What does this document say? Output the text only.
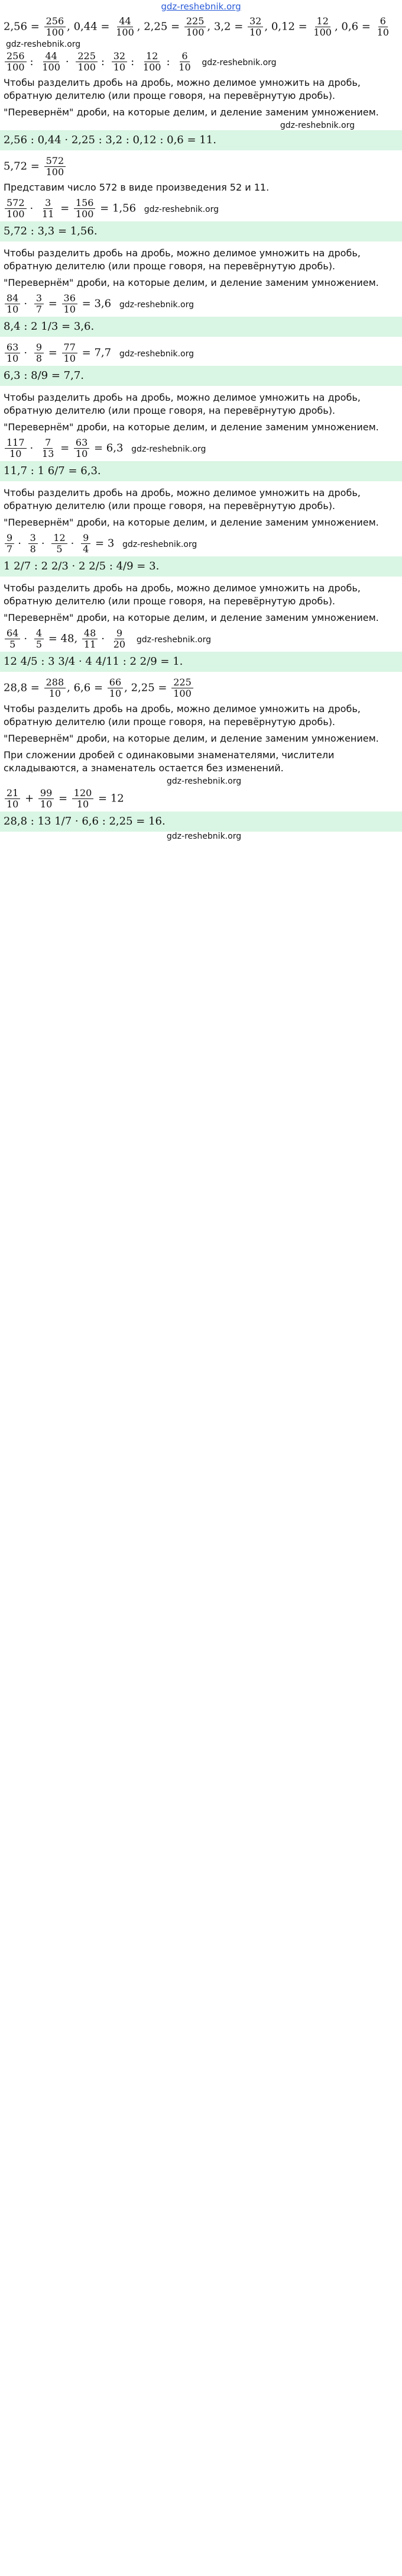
gdz-reshebnik.org
$2,56 = \frac{256}{100}$ , $0,44 = \frac{44}{100}$ , $2,25 = \frac{225}{100}$ , $3,2 = \frac{32}{10}$ , $0,12 = \frac{12}{100}$ , $0,6 = \frac{6}{10}$
gdz-reshebnik.org
$\frac{256}{100}$ : $\frac{44}{100} \cdot \frac{225}{100}$ : $\frac{32}{10}$ : $\frac{12}{100}$ : $\frac{6}{10}$ gdz-reshebnik.org
Чтобы разделить дробь на дробь, можно делимое умножить на дробь, обратную делителю (или проще говоря, на перевёрнутую дробь).
"Перевернём" дроби, на которые делим, и деление заменим умножением.
gdz-reshebnik.org
2,56 : 0,44 · 2,25 : 3,2 : 0,12 : 0,6 = 11.
$5,72 = \frac{572}{100}$
Представим число 572 в виде произведения 52 и 11.
$\frac{572}{100} \cdot \frac{3}{11} = \frac{156}{100} = 1,56$ gdz-reshebnik.org
5,72 : 3,3 = 1,56.
Чтобы разделить дробь на дробь, можно делимое умножить на дробь, обратную делителю (или проще говоря, на перевёрнутую дробь).
"Перевернём" дроби, на которые делим, и деление заменим умножением.
$\frac{84}{10} \cdot \frac{3}{7} = \frac{36}{10} = 3,6$ gdz-reshebnik.org
8,4 : 2 1/3 = 3,6.
$\frac{63}{10} \cdot \frac{9}{8} = \frac{77}{10} = 7,7$ gdz-reshebnik.org
6,3 : 8/9 = 7,7.
Чтобы разделить дробь на дробь, можно делимое умножить на дробь, обратную делителю (или проще говоря, на перевёрнутую дробь).
"Перевернём" дроби, на которые делим, и деление заменим умножением.
$\frac{117}{10} \cdot \frac{7}{13} = \frac{63}{10} = 6,3$ gdz-reshebnik.org
11,7 : 1 6/7 = 6,3.
Чтобы разделить дробь на дробь, можно делимое умножить на дробь, обратную делителю (или проще говоря, на перевёрнутую дробь).
"Перевернём" дроби, на которые делим, и деление заменим умножением.
$\frac{9}{7} \cdot \frac{3}{8} \cdot \frac{12}{5} \cdot \frac{9}{4} = 3$ gdz-reshebnik.org
1 2/7 : 2 2/3 · 2 2/5 : 4/9 = 3.
Чтобы разделить дробь на дробь, можно делимое умножить на дробь, обратную делителю (или проще говоря, на перевёрнутую дробь).
"Перевернём" дроби, на которые делим, и деление заменим умножением.
$\frac{64}{5} \cdot \frac{4}{5} = 48$, $\frac{48}{11} \cdot \frac{9}{20}$ gdz-reshebnik.org
12 4/5 : 3 3/4 · 4 4/11 : 2 2/9 = 1.
$28,8 = \frac{288}{10}$ , $6,6 = \frac{66}{10}$ , $2,25 = \frac{225}{100}$
Чтобы разделить дробь на дробь, можно делимое умножить на дробь, обратную делителю (или проще говоря, на перевёрнутую дробь).
"Перевернём" дроби, на которые делим, и деление заменим умножением.
При сложении дробей с одинаковыми знаменателями, числители складываются, а знаменатель остается без изменений.
gdz-reshebnik.org
$\frac{21}{10} + \frac{99}{10} = \frac{120}{10} = 12$
28,8 : 13 1/7 · 6,6 : 2,25 = 16.
gdz-reshebnik.org
